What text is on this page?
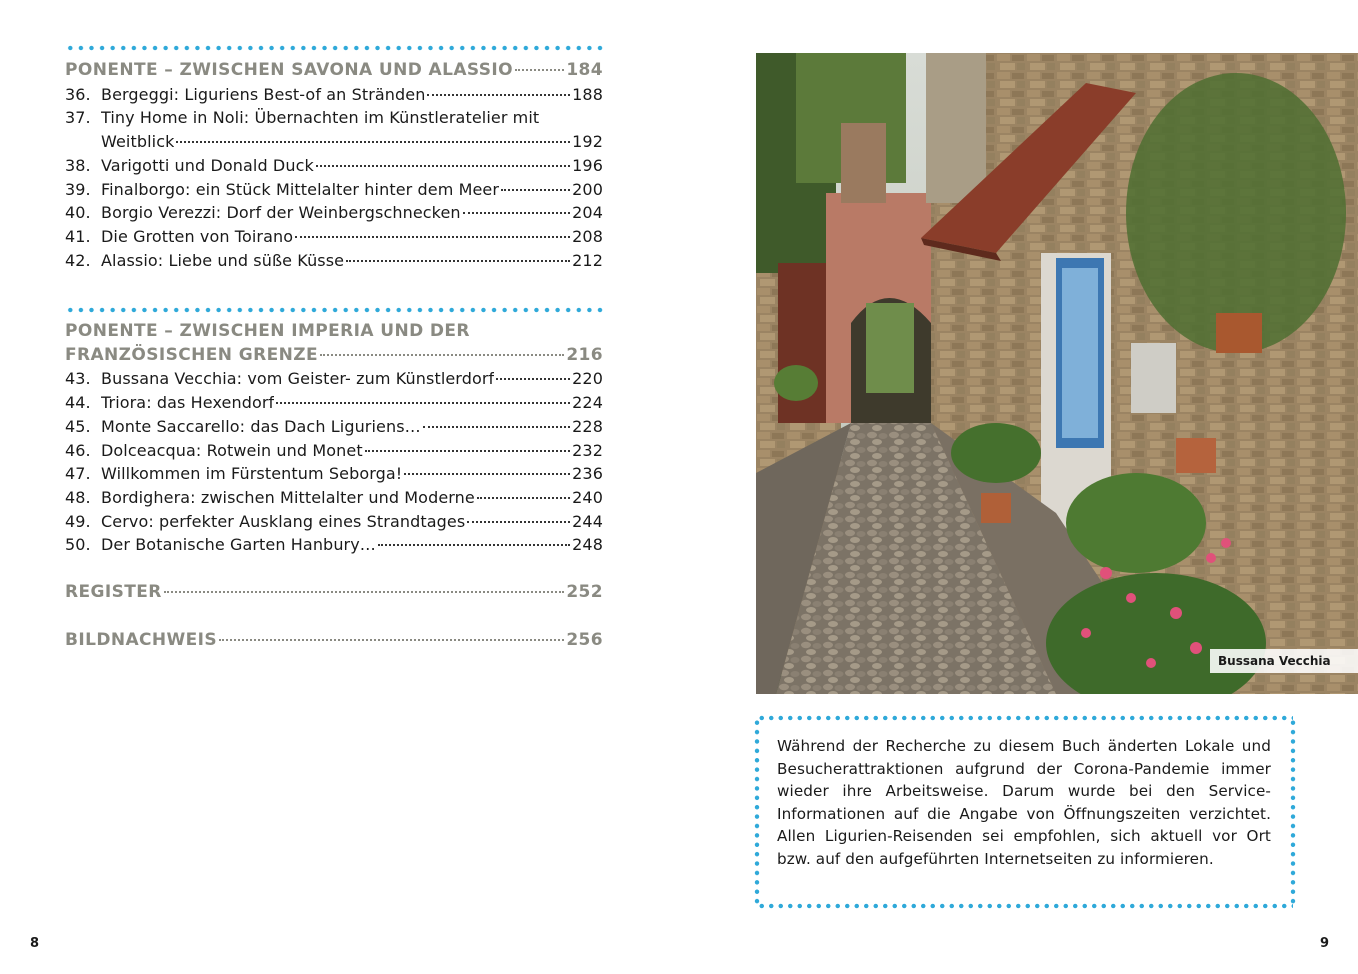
PONENTE – ZWISCHEN SAVONA UND ALASSIO	184
36. Bergeggi: Liguriens Best-of an Stränden	188
37. Tiny Home in Noli: Übernachten im Künstleratelier mit
Weitblick	192
38. Varigotti und Donald Duck	196
39. Finalborgo: ein Stück Mittelalter hinter dem Meer	200
40. Borgio Verezzi: Dorf der Weinbergschnecken	204
41. Die Grotten von Toirano	208
42. Alassio: Liebe und süße Küsse	212
PONENTE – ZWISCHEN IMPERIA UND DER
FRANZÖSISCHEN GRENZE	216
43. Bussana Vecchia: vom Geister- zum Künstlerdorf	220
44. Triora: das Hexendorf	224
45. Monte Saccarello: das Dach Liguriens…	228
46. Dolceacqua: Rotwein und Monet	232
47. Willkommen im Fürstentum Seborga!	236
48. Bordighera: zwischen Mittelalter und Moderne	240
49. Cervo: perfekter Ausklang eines Strandtages	244
50. Der Botanische Garten Hanbury…	248
REGISTER	252
BILDNACHWEIS	256
8	9
Bussana Vecchia
Während der Recherche zu diesem Buch änderten Lokale und Besucherattraktionen aufgrund der Corona-Pandemie immer wieder ihre Arbeitsweise. Darum wurde bei den Service-Informationen auf die Angabe von Öffnungszeiten verzichtet. Allen Ligurien-Reisenden sei empfohlen, sich aktuell vor Ort bzw. auf den aufgeführten Internetseiten zu informieren.
